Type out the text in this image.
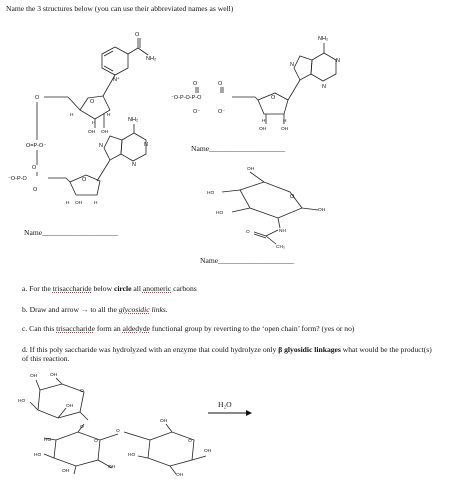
Name the 3 structures below (you can use their abbreviated names as well)
Name____________________
Name____________________
Name____________________
a. For the trisaccharide below circle all anomeric carbons
b. Draw and arrow → to all the glycosidic links.
c. Can this trisaccharide form an aldedyde functional group by reverting to the ‘open chain’ form? (yes or no)
d. If this poly saccharide was hydrolyzed with an enzyme that could hydrolyze only β glyosidic linkages what would be the product(s)
of this reaction.
H₂O
O
NH₂
N⁺
O
O
H
H	H
OH OH
O=P-O⁻
O
⁻O-P-O
O
O
H OH H
N	N
N
NH₂
⁻O-P-O-P-O
O	O
O⁻	O⁻
O
H	H
OH	OH
N
N
N
NH₂
O
OH
HO
HO
OH
NH
O
CH₃
O
OH	OH
HO
OH
O
O
HO
HO
OH
O
OH
O
OH
HO
OH
OH
